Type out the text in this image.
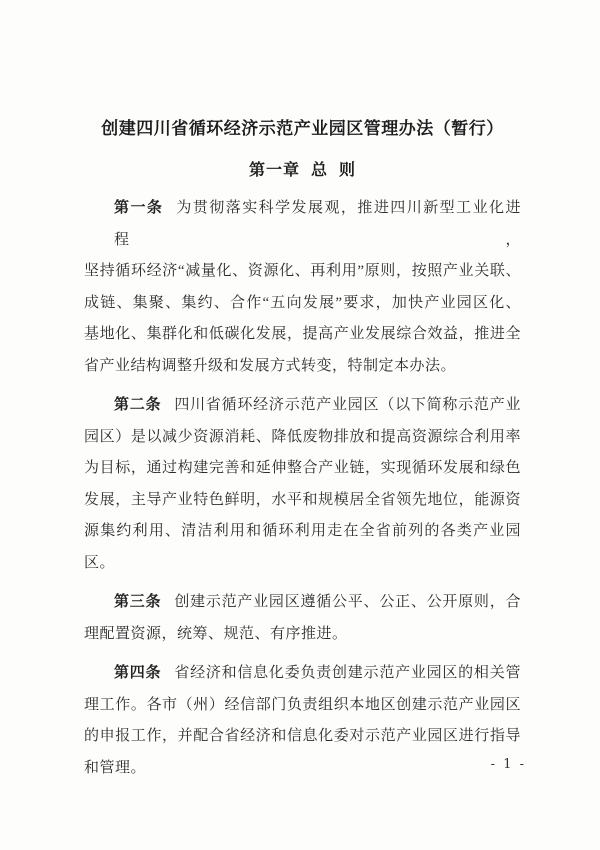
创建四川省循环经济示范产业园区管理办法（暂行）
第一章 总 则
第一条 为贯彻落实科学发展观，推进四川新型工业化进程，
坚持循环经济“减量化、资源化、再利用”原则，按照产业关联、
成链、集聚、集约、合作“五向发展”要求，加快产业园区化、
基地化、集群化和低碳化发展，提高产业发展综合效益，推进全
省产业结构调整升级和发展方式转变，特制定本办法。
第二条 四川省循环经济示范产业园区（以下简称示范产业
园区）是以减少资源消耗、降低废物排放和提高资源综合利用率
为目标，通过构建完善和延伸整合产业链，实现循环发展和绿色
发展，主导产业特色鲜明，水平和规模居全省领先地位，能源资
源集约利用、清洁利用和循环利用走在全省前列的各类产业园
区。
第三条 创建示范产业园区遵循公平、公正、公开原则，合
理配置资源，统筹、规范、有序推进。
第四条 省经济和信息化委负责创建示范产业园区的相关管
理工作。各市（州）经信部门负责组织本地区创建示范产业园区
的申报工作，并配合省经济和信息化委对示范产业园区进行指导
和管理。	- 1 -
